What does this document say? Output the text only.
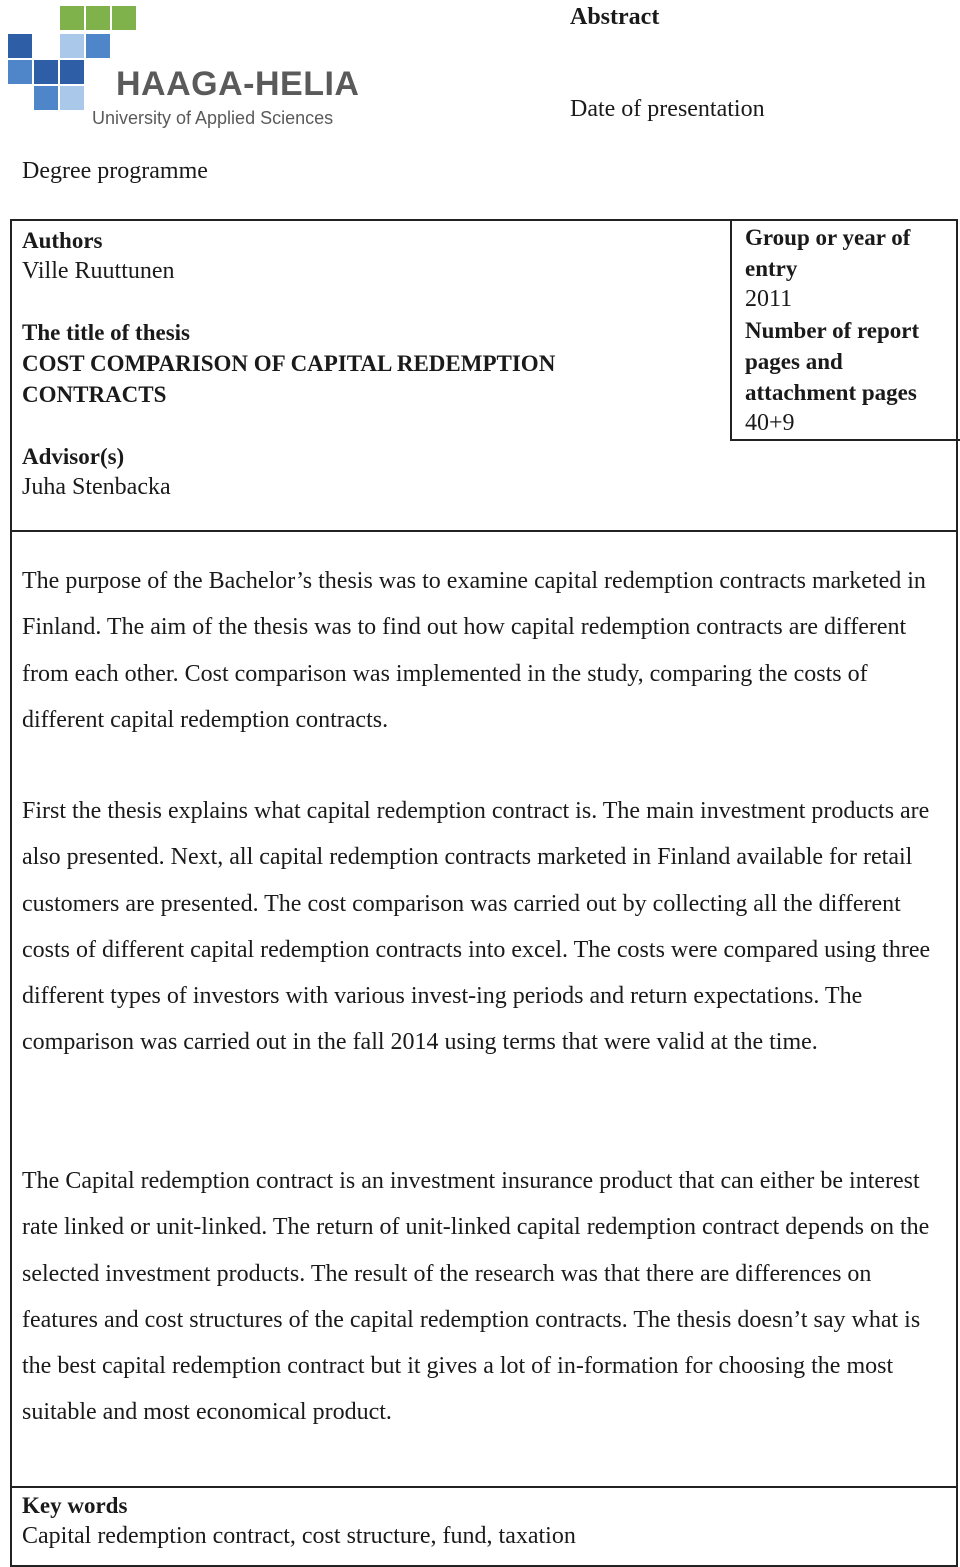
HAAGA-HELIA
University of Applied Sciences
Abstract
Date of presentation
Degree programme
Authors
Ville Ruuttunen
The title of thesis
COST COMPARISON OF CAPITAL REDEMPTION
CONTRACTS
Advisor(s)
Juha Stenbacka
Group or year of
entry
2011
Number of report
pages and
attachment pages
40+9

The purpose of the Bachelor’s thesis was to examine capital redemption contracts marketed in Finland. The aim of the thesis was to find out how capital redemption contracts are different from each other. Cost comparison was implemented in the study, comparing the costs of different capital redemption contracts.

First the thesis explains what capital redemption contract is. The main investment products are also presented. Next, all capital redemption contracts marketed in Finland available for retail customers are presented. The cost comparison was carried out by collecting all the different costs of different capital redemption contracts into excel. The costs were compared using three different types of investors with various invest-ing periods and return expectations. The comparison was carried out in the fall 2014 using terms that were valid at the time.

The Capital redemption contract is an investment insurance product that can either be interest rate linked or unit-linked. The return of unit-linked capital redemption contract depends on the selected investment products. The result of the research was that there are differences on features and cost structures of the capital redemption contracts. The thesis doesn’t say what is the best capital redemption contract but it gives a lot of in-formation for choosing the most suitable and most economical product.

Key words
Capital redemption contract, cost structure, fund, taxation
